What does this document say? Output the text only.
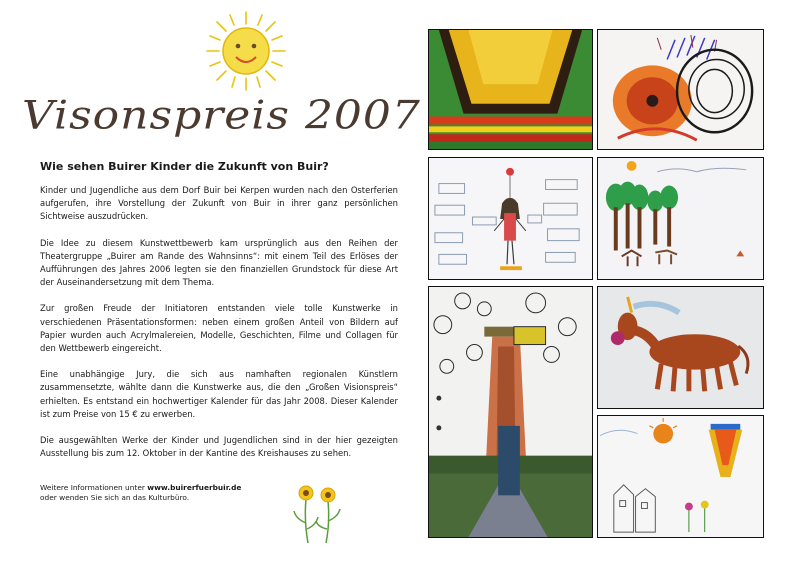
Visonspreis 2007
Wie sehen Buirer Kinder die Zukunft von Buir?

Kinder und Jugendliche aus dem Dorf Buir bei Kerpen wurden nach den Osterferien aufgerufen, ihre Vorstellung der Zukunft von Buir in ihrer ganz persönlichen Sichtweise auszudrücken.

Die Idee zu diesem Kunstwettbewerb kam ursprünglich aus den Reihen der Theatergruppe „Buirer am Rande des Wahnsinns“: mit einem Teil des Erlöses der Aufführungen des Jahres 2006 legten sie den finanziellen Grundstock für diese Art der Auseinandersetzung mit dem Thema.

Zur großen Freude der Initiatoren entstanden viele tolle Kunstwerke in verschiedenen Präsentationsformen: neben einem großen Anteil von Bildern auf Papier wurden auch Acrylmalereien, Modelle, Geschichten, Filme und Collagen für den Wettbewerb eingereicht.

Eine unabhängige Jury, die sich aus namhaften regionalen Künstlern zusammensetzte, wählte dann die Kunstwerke aus, die den „Großen Visionspreis“ erhielten. Es entstand ein hochwertiger Kalender für das Jahr 2008. Dieser Kalender ist zum Preise von 15 € zu erwerben.

Die ausgewählten Werke der Kinder und Jugendlichen sind in der hier gezeigten Ausstellung bis zum 12. Oktober in der Kantine des Kreishauses zu sehen.

Weitere Informationen unter www.buirerfuerbuir.de
oder wenden Sie sich an das Kulturbüro.
